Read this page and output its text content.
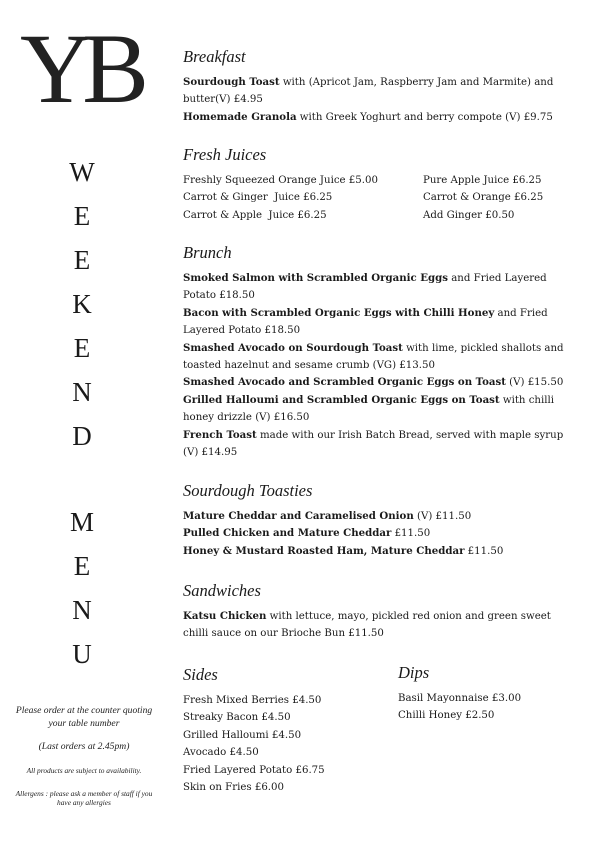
YB
W
E
E
K
E
N
D
M
E
N
U

Please order at the counter quoting your table number

(Last orders at 2.45pm)

All products are subject to availability.

Allergens : please ask a member of staff if you have any allergies

Breakfast

Sourdough Toast with (Apricot Jam, Raspberry Jam and Marmite) and butter(V) £4.95

Homemade Granola with Greek Yoghurt and berry compote (V) £9.75

Fresh Juices
Freshly Squeezed Orange Juice £5.00
Carrot & Ginger  Juice £6.25
Carrot & Apple  Juice £6.25
Pure Apple Juice £6.25
Carrot & Orange £6.25
Add Ginger £0.50
Brunch

Smoked Salmon with Scrambled Organic Eggs and Fried Layered Potato £18.50

Bacon with Scrambled Organic Eggs with Chilli Honey and Fried Layered Potato £18.50

Smashed Avocado on Sourdough Toast with lime, pickled shallots and toasted hazelnut and sesame crumb (VG) £13.50

Smashed Avocado and Scrambled Organic Eggs on Toast (V) £15.50

Grilled Halloumi and Scrambled Organic Eggs on Toast with chilli honey drizzle (V) £16.50

French Toast made with our Irish Batch Bread, served with maple syrup (V) £14.95

Sourdough Toasties

Mature Cheddar and Caramelised Onion (V) £11.50

Pulled Chicken and Mature Cheddar £11.50

Honey & Mustard Roasted Ham, Mature Cheddar £11.50

Sandwiches

Katsu Chicken with lettuce, mayo, pickled red onion and green sweet chilli sauce on our Brioche Bun £11.50

Sides
Fresh Mixed Berries £4.50
Streaky Bacon £4.50
Grilled Halloumi £4.50
Avocado £4.50
Fried Layered Potato £6.75
Skin on Fries £6.00
Dips
Basil Mayonnaise £3.00
Chilli Honey £2.50
